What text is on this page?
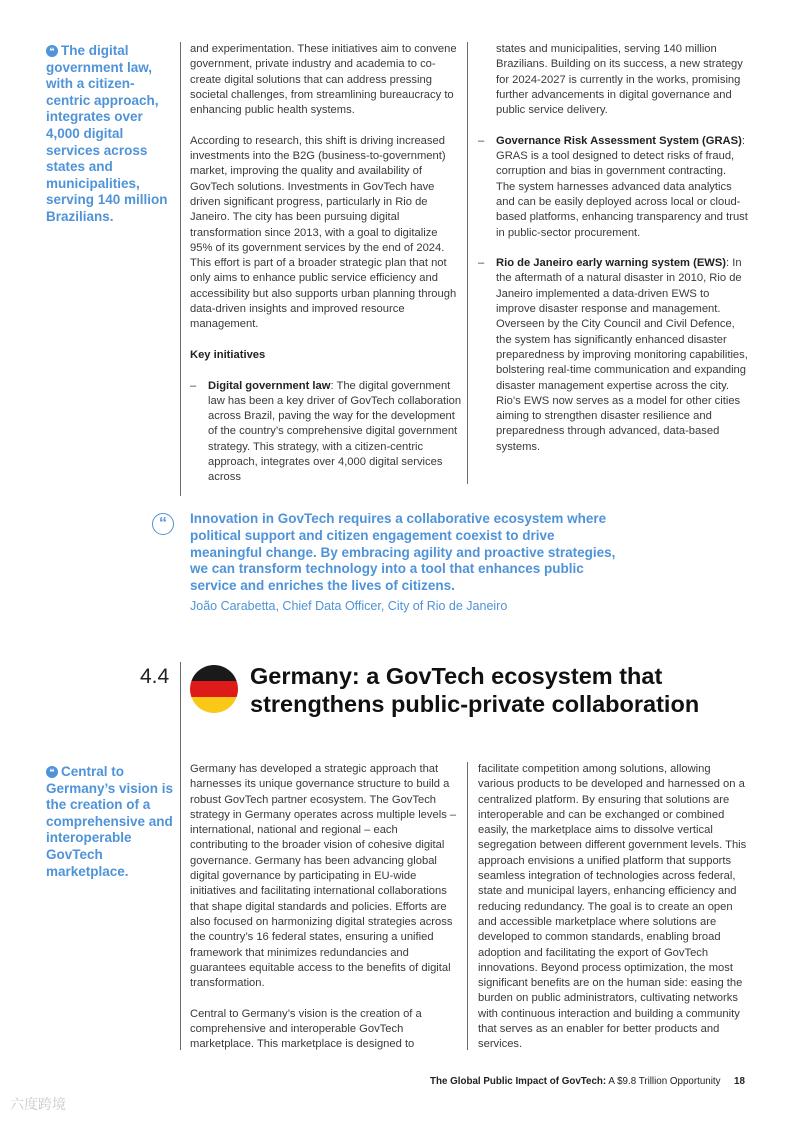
❝ The digital government law, with a citizen-centric approach, integrates over 4,000 digital services across states and municipalities, serving 140 million Brazilians.

and experimentation. These initiatives aim to convene government, private industry and academia to co-create digital solutions that can address pressing societal challenges, from streamlining bureaucracy to enhancing public health systems.

According to research, this shift is driving increased investments into the B2G (business-to-government) market, improving the quality and availability of GovTech solutions. Investments in GovTech have driven significant progress, particularly in Rio de Janeiro. The city has been pursuing digital transformation since 2013, with a goal to digitalize 95% of its government services by the end of 2024. This effort is part of a broader strategic plan that not only aims to enhance public service efficiency and accessibility but also supports urban planning through data-driven insights and improved resource management.

Key initiatives

– Digital government law: The digital government law has been a key driver of GovTech collaboration across Brazil, paving the way for the development of the country’s comprehensive digital government strategy. This strategy, with a citizen-centric approach, integrates over 4,000 digital services across

states and municipalities, serving 140 million Brazilians. Building on its success, a new strategy for 2024-2027 is currently in the works, promising further advancements in digital governance and public service delivery.

– Governance Risk Assessment System (GRAS): GRAS is a tool designed to detect risks of fraud, corruption and bias in government contracting. The system harnesses advanced data analytics and can be easily deployed across local or cloud-based platforms, enhancing transparency and trust in public-sector procurement.
– Rio de Janeiro early warning system (EWS): In the aftermath of a natural disaster in 2010, Rio de Janeiro implemented a data-driven EWS to improve disaster response and management. Overseen by the City Council and Civil Defence, the system has significantly enhanced disaster preparedness by improving monitoring capabilities, bolstering real-time communication and expanding disaster management expertise across the city. Rio’s EWS now serves as a model for other cities aiming to strengthen disaster resilience and preparedness through advanced, data-based systems.
“	Innovation in GovTech requires a collaborative ecosystem where political support and citizen engagement coexist to drive meaningful change. By embracing agility and proactive strategies, we can transform technology into a tool that enhances public service and enriches the lives of citizens.
João Carabetta, Chief Data Officer, City of Rio de Janeiro
4.4	Germany: a GovTech ecosystem that strengthens public-private collaboration
❝ Central to Germany’s vision is the creation of a comprehensive and interoperable GovTech marketplace.

Germany has developed a strategic approach that harnesses its unique governance structure to build a robust GovTech partner ecosystem. The GovTech strategy in Germany operates across multiple levels – international, national and regional – each contributing to the broader vision of cohesive digital governance. Germany has been advancing global digital governance by participating in EU-wide initiatives and facilitating international collaborations that shape digital standards and policies. Efforts are also focused on harmonizing digital strategies across the country’s 16 federal states, ensuring a unified framework that minimizes redundancies and guarantees equitable access to the benefits of digital transformation.

Central to Germany’s vision is the creation of a comprehensive and interoperable GovTech marketplace. This marketplace is designed to

facilitate competition among solutions, allowing various products to be developed and harnessed on a centralized platform. By ensuring that solutions are interoperable and can be exchanged or combined easily, the marketplace aims to dissolve vertical segregation between different government levels. This approach envisions a unified platform that supports seamless integration of technologies across federal, state and municipal layers, enhancing efficiency and reducing redundancy. The goal is to create an open and accessible marketplace where solutions are developed to common standards, enabling broad adoption and facilitating the export of GovTech innovations. Beyond process optimization, the most significant benefits are on the human side: easing the burden on public administrators, cultivating networks with continuous interaction and building a community that serves as an enabler for better products and services.

The Global Public Impact of GovTech: A $9.8 Trillion Opportunity 18
六度跨境
